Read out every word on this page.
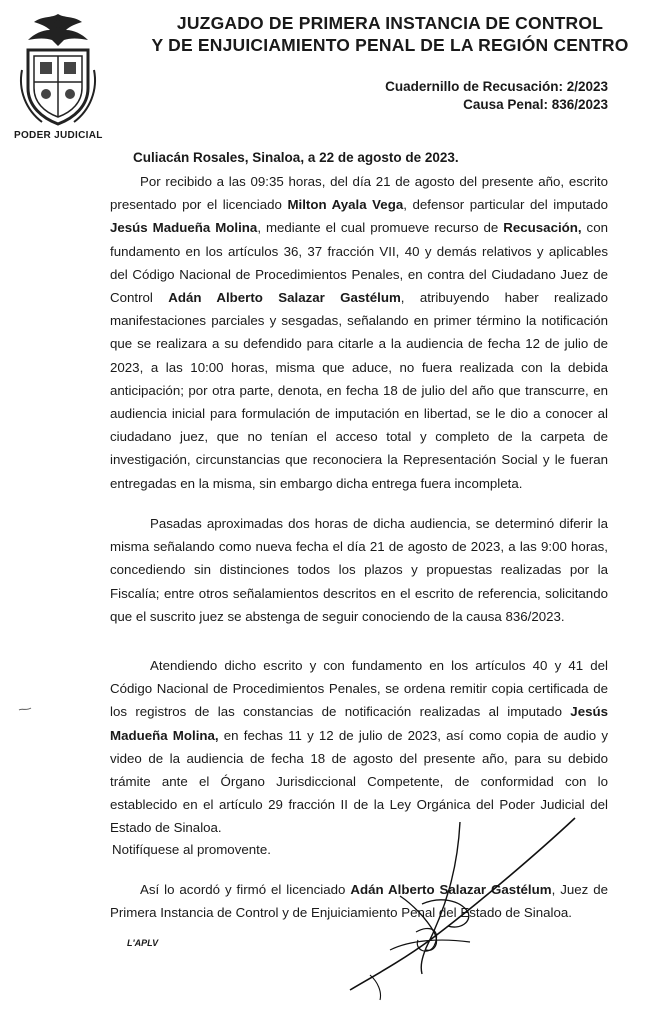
PODER JUDICIAL
JUZGADO DE PRIMERA INSTANCIA DE CONTROL
Y DE ENJUICIAMIENTO PENAL DE LA REGIÓN CENTRO
Cuadernillo de Recusación: 2/2023
Causa Penal: 836/2023
Culiacán Rosales, Sinaloa, a 22 de agosto de 2023.
Por recibido a las 09:35 horas, del día 21 de agosto del presente año, escrito presentado por el licenciado Milton Ayala Vega, defensor particular del imputado Jesús Madueña Molina, mediante el cual promueve recurso de Recusación, con fundamento en los artículos 36, 37 fracción VII, 40 y demás relativos y aplicables del Código Nacional de Procedimientos Penales, en contra del Ciudadano Juez de Control Adán Alberto Salazar Gastélum, atribuyendo haber realizado manifestaciones parciales y sesgadas, señalando en primer término la notificación que se realizara a su defendido para citarle a la audiencia de fecha 12 de julio de 2023, a las 10:00 horas, misma que aduce, no fuera realizada con la debida anticipación; por otra parte, denota, en fecha 18 de julio del año que transcurre, en audiencia inicial para formulación de imputación en libertad, se le dio a conocer al ciudadano juez, que no tenían el acceso total y completo de la carpeta de investigación, circunstancias que reconociera la Representación Social y le fueran entregadas en la misma, sin embargo dicha entrega fuera incompleta.
Pasadas aproximadas dos horas de dicha audiencia, se determinó diferir la misma señalando como nueva fecha el día 21 de agosto de 2023, a las 9:00 horas, concediendo sin distinciones todos los plazos y propuestas realizadas por la Fiscalía; entre otros señalamientos descritos en el escrito de referencia, solicitando que el suscrito juez se abstenga de seguir conociendo de la causa 836/2023.
Atendiendo dicho escrito y con fundamento en los artículos 40 y 41 del Código Nacional de Procedimientos Penales, se ordena remitir copia certificada de los registros de las constancias de notificación realizadas al imputado Jesús Madueña Molina, en fechas 11 y 12 de julio de 2023, así como copia de audio y video de la audiencia de fecha 18 de agosto del presente año, para su debido trámite ante el Órgano Jurisdiccional Competente, de conformidad con lo establecido en el artículo 29 fracción II de la Ley Orgánica del Poder Judicial del Estado de Sinaloa.
Notifíquese al promovente.
Así lo acordó y firmó el licenciado Adán Alberto Salazar Gastélum, Juez de Primera Instancia de Control y de Enjuiciamiento Penal del Estado de Sinaloa.
L'APLV
